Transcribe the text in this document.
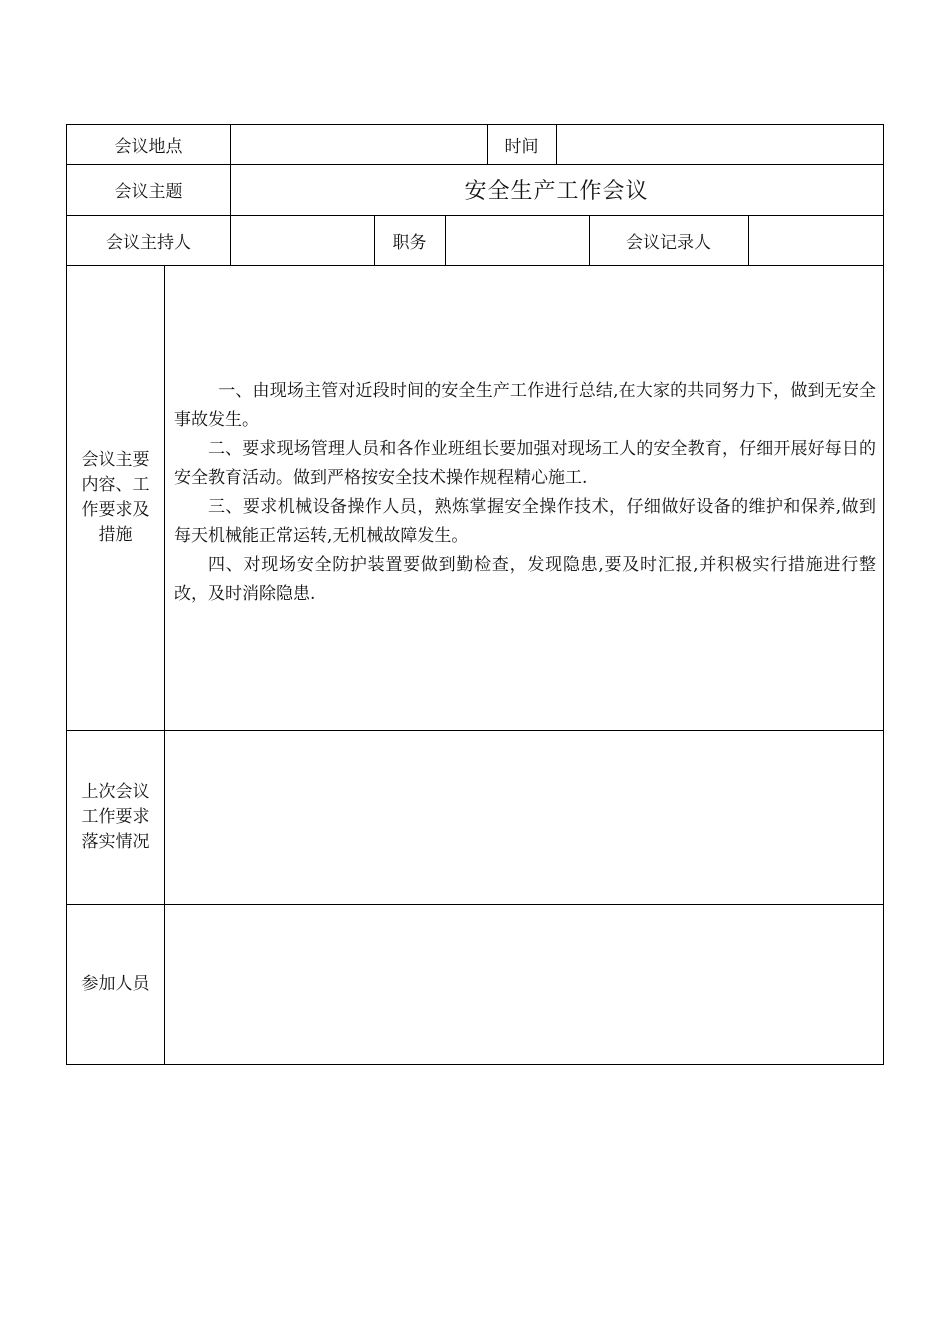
会议地点	时间
会议主题	安全生产工作会议
会议主持人	职务	会议记录人
会议主要内容、工作要求及措施

一、由现场主管对近段时间的安全生产工作进行总结,在大家的共同努力下，做到无安全事故发生。

二、要求现场管理人员和各作业班组长要加强对现场工人的安全教育，仔细开展好每日的安全教育活动。做到严格按安全技术操作规程精心施工.

三、要求机械设备操作人员，熟炼掌握安全操作技术，仔细做好设备的维护和保养,做到每天机械能正常运转,无机械故障发生。

四、对现场安全防护装置要做到勤检查，发现隐患,要及时汇报,并积极实行措施进行整改，及时消除隐患.

上次会议工作要求落实情况
参加人员
